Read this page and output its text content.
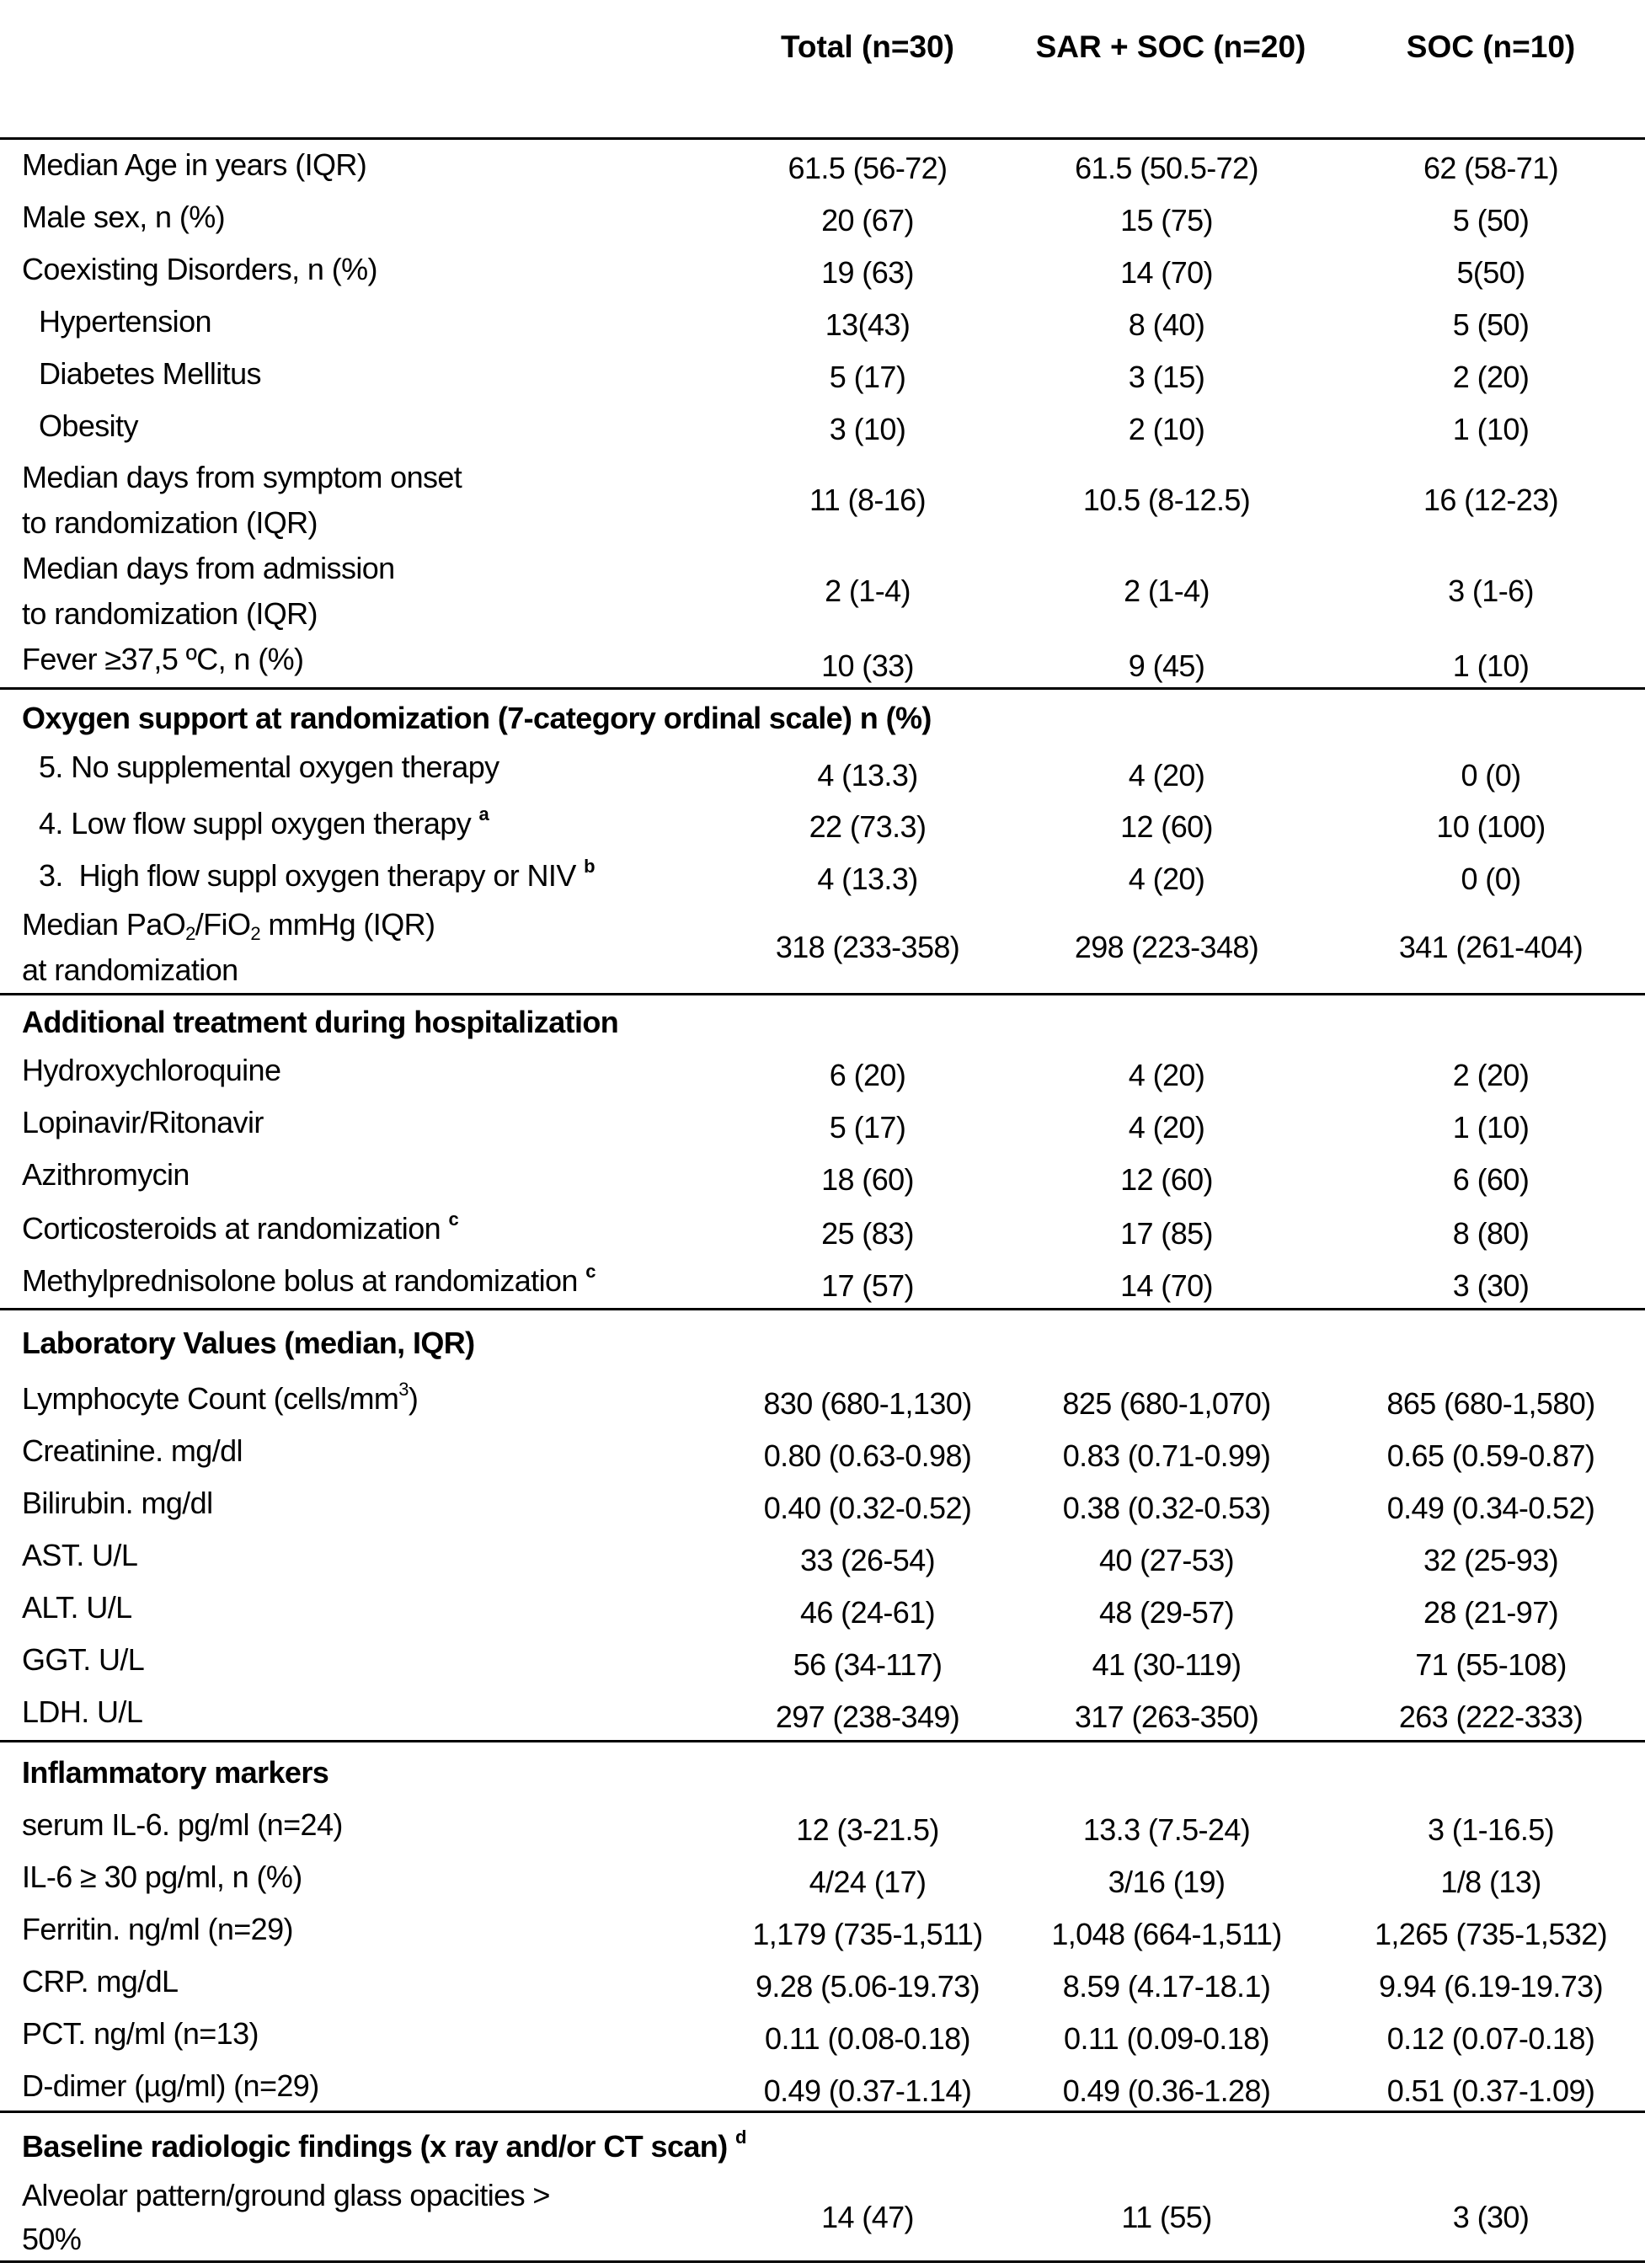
Total (n=30)	SAR + SOC (n=20)	SOC (n=10)
Median Age in years (IQR)	61.5 (56-72)	61.5 (50.5-72)	62 (58-71)
Male sex, n (%)	20 (67)	15 (75)	5 (50)
Coexisting Disorders, n (%)	19 (63)	14 (70)	5(50)
Hypertension	13(43)	8 (40)	5 (50)
Diabetes Mellitus	5 (17)	3 (15)	2 (20)
Obesity	3 (10)	2 (10)	1 (10)
Median days from symptom onset
to randomization (IQR)
11 (8-16)	10.5 (8-12.5)	16 (12-23)
Median days from admission
to randomization (IQR)
2 (1-4)	2 (1-4)	3 (1-6)
Fever ≥37,5 ºC, n (%)	10 (33)	9 (45)	1 (10)
Oxygen support at randomization (7-category ordinal scale) n (%)
5. No supplemental oxygen therapy	4 (13.3)	4 (20)	0 (0)
4. Low flow suppl oxygen therapy $^a$	22 (73.3)	12 (60)	10 (100)
3.  High flow suppl oxygen therapy or NIV $^b$	4 (13.3)	4 (20)	0 (0)
Median PaO$_2$/FiO$_2$ mmHg (IQR)
at randomization
318 (233-358)	298 (223-348)	341 (261-404)
Additional treatment during hospitalization
Hydroxychloroquine	6 (20)	4 (20)	2 (20)
Lopinavir/Ritonavir	5 (17)	4 (20)	1 (10)
Azithromycin	18 (60)	12 (60)	6 (60)
Corticosteroids at randomization $^c$	25 (83)	17 (85)	8 (80)
Methylprednisolone bolus at randomization $^c$	17 (57)	14 (70)	3 (30)
Laboratory Values (median, IQR)
Lymphocyte Count $(cells/mm^3)$	830 (680-1,130)	825 (680-1,070)	865 (680-1,580)
Creatinine. mg/dl	0.80 (0.63-0.98)	0.83 (0.71-0.99)	0.65 (0.59-0.87)
Bilirubin. mg/dl	0.40 (0.32-0.52)	0.38 (0.32-0.53)	0.49 (0.34-0.52)
AST. U/L	33 (26-54)	40 (27-53)	32 (25-93)
ALT. U/L	46 (24-61)	48 (29-57)	28 (21-97)
GGT. U/L	56 (34-117)	41 (30-119)	71 (55-108)
LDH. U/L	297 (238-349)	317 (263-350)	263 (222-333)
Inflammatory markers
serum IL-6. pg/ml (n=24)	12 (3-21.5)	13.3 (7.5-24)	3 (1-16.5)
IL-6 ≥ 30 pg/ml, n (%)	4/24 (17)	3/16 (19)	1/8 (13)
Ferritin. ng/ml (n=29)	1,179 (735-1,511)	1,048 (664-1,511)	1,265 (735-1,532)
CRP. mg/dL	9.28 (5.06-19.73)	8.59 (4.17-18.1)	9.94 (6.19-19.73)
PCT. ng/ml (n=13)	0.11 (0.08-0.18)	0.11 (0.09-0.18)	0.12 (0.07-0.18)
D-dimer (µg/ml) (n=29)	0.49 (0.37-1.14)	0.49 (0.36-1.28)	0.51 (0.37-1.09)
Baseline radiologic findings (x ray and/or CT scan) $^d$
Alveolar pattern/ground glass opacities >
50%
14 (47)	11 (55)	3 (30)
